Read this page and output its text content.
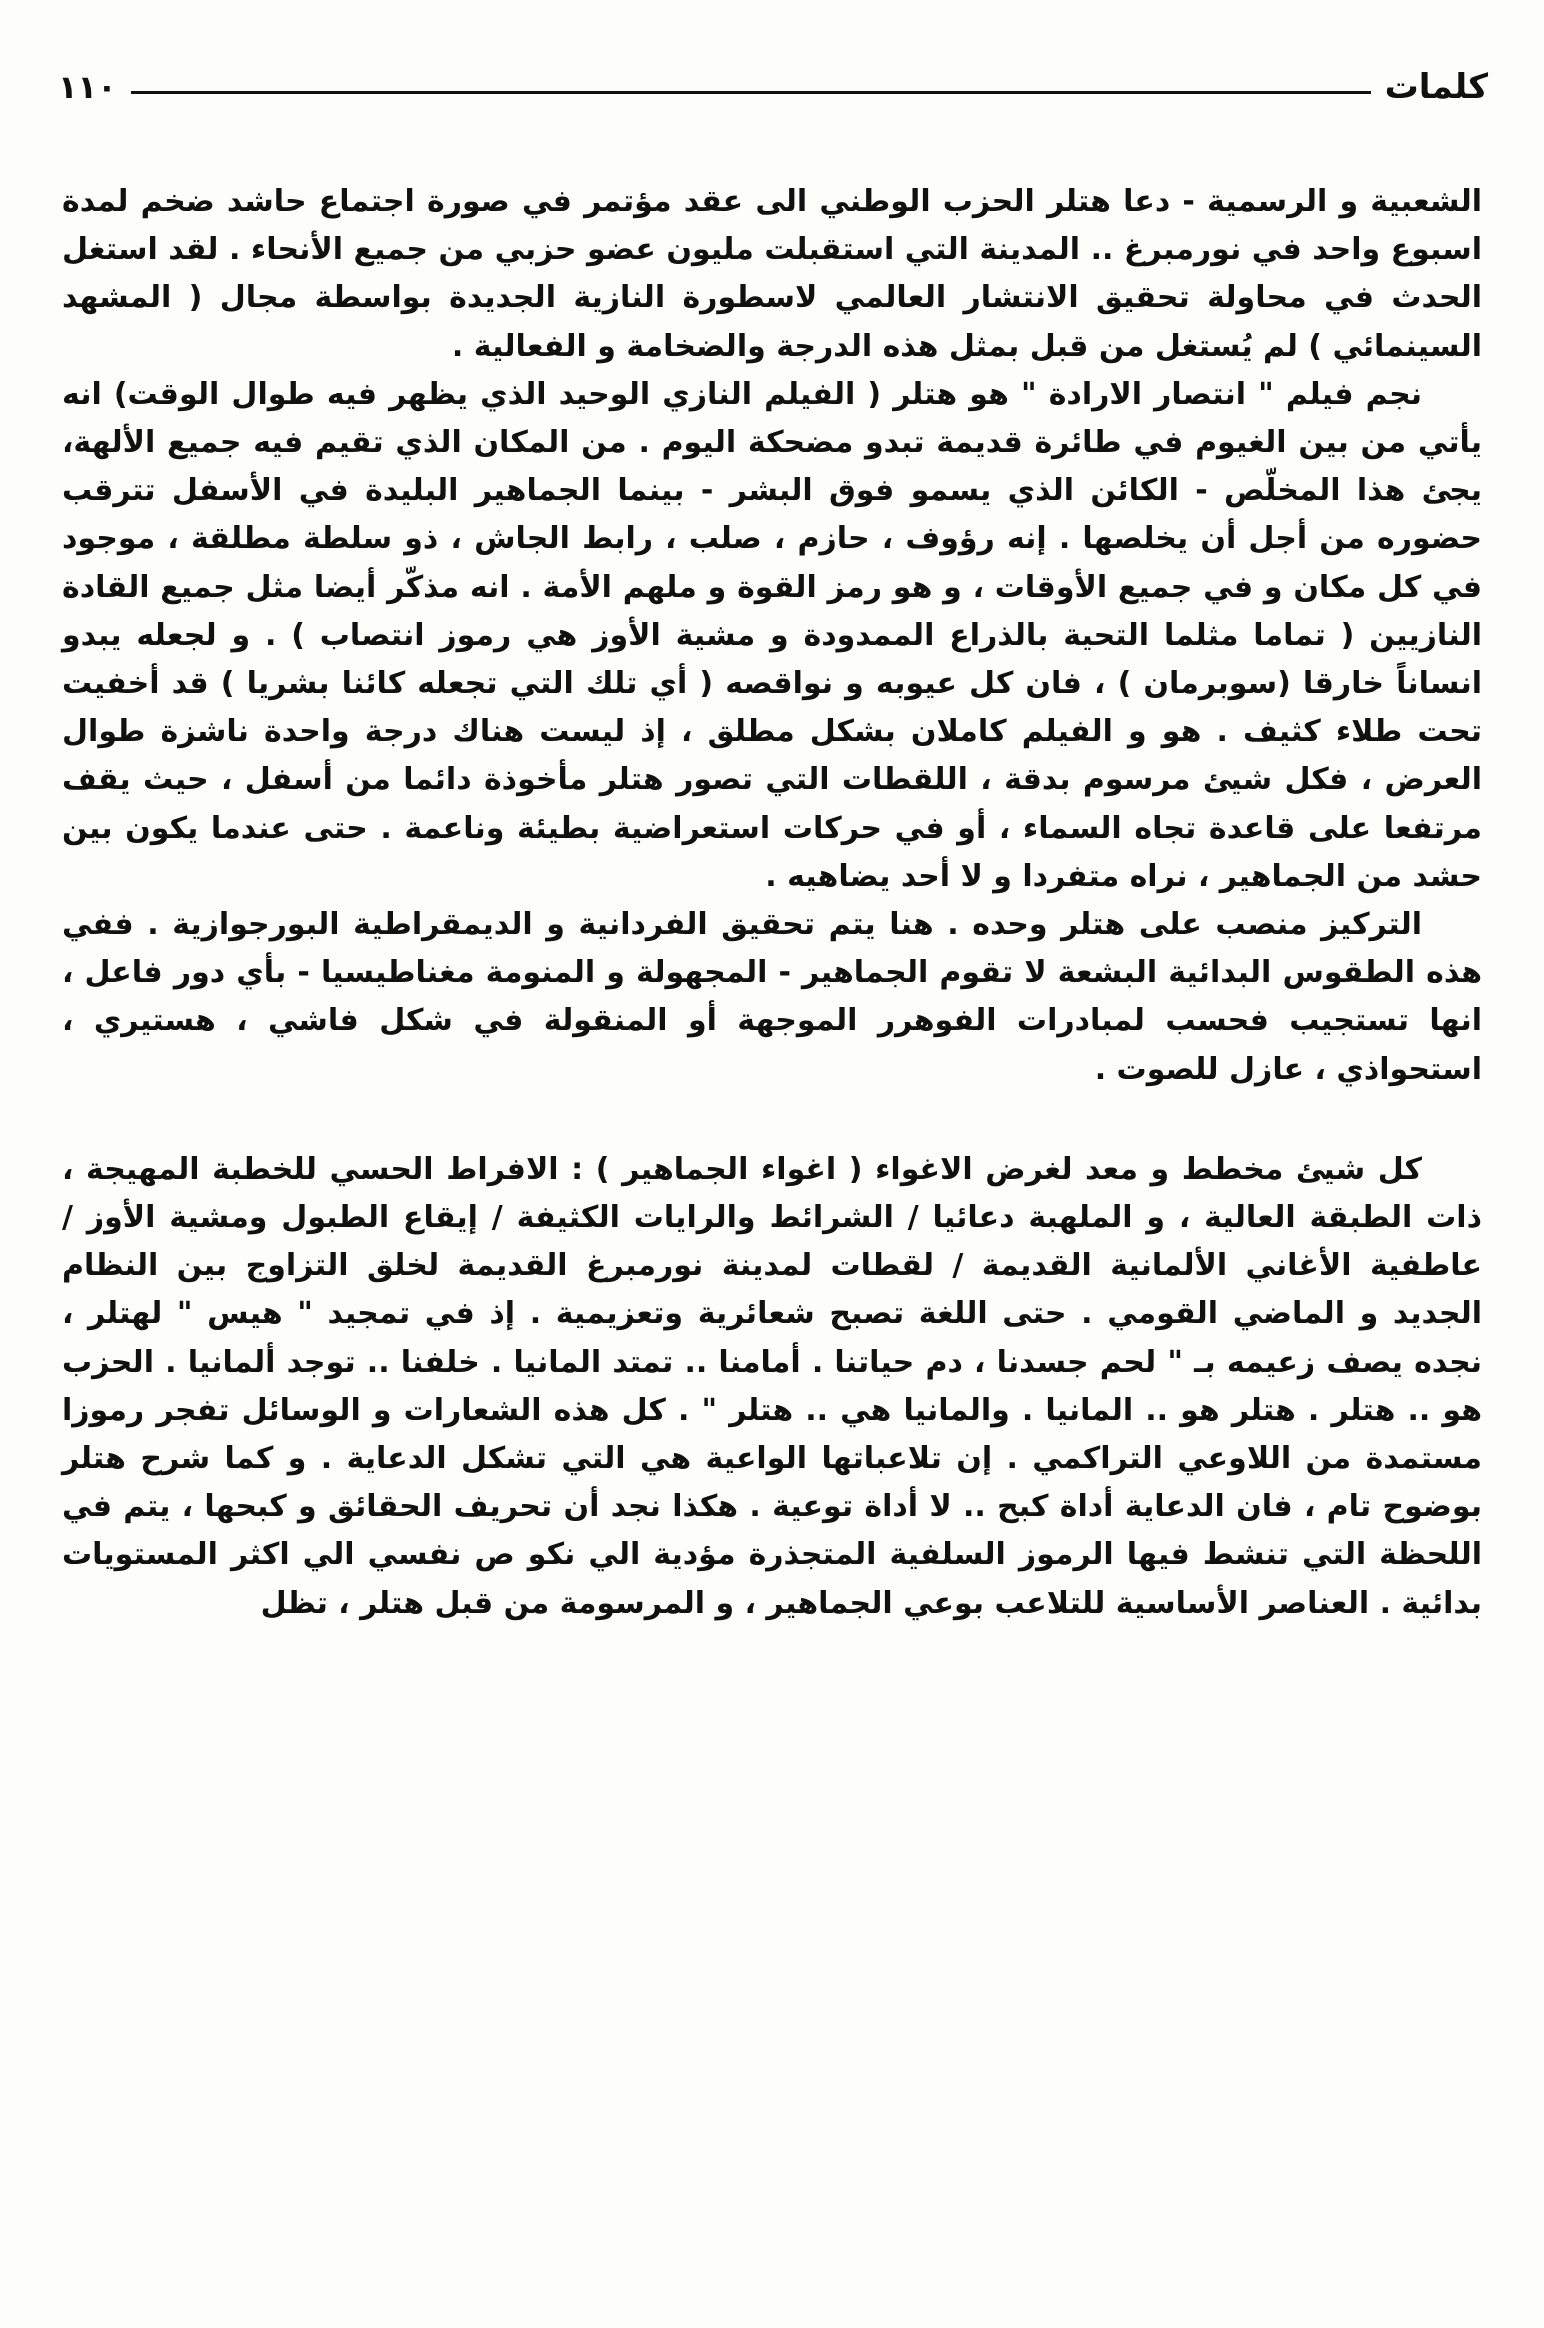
كلمات
١١٠

الشعبية و الرسمية - دعا هتلر الحزب الوطني الى عقد مؤتمر في صورة اجتماع حاشد ضخم لمدة اسبوع واحد في نورمبرغ .. المدينة التي استقبلت مليون عضو حزبي من جميع الأنحاء . لقد استغل الحدث في محاولة تحقيق الانتشار العالمي لاسطورة النازية الجديدة بواسطة مجال ( المشهد السينمائي ) لم يُستغل من قبل بمثل هذه الدرجة والضخامة و الفعالية .

نجم فيلم " انتصار الارادة " هو هتلر ( الفيلم النازي الوحيد الذي يظهر فيه طوال الوقت) انه يأتي من بين الغيوم في طائرة قديمة تبدو مضحكة اليوم . من المكان الذي تقيم فيه جميع الألهة، يجئ هذا المخلّص - الكائن الذي يسمو فوق البشر - بينما الجماهير البليدة في الأسفل تترقب حضوره من أجل أن يخلصها . إنه رؤوف ، حازم ، صلب ، رابط الجاش ، ذو سلطة مطلقة ، موجود في كل مكان و في جميع الأوقات ، و هو رمز القوة و ملهم الأمة . انه مذكّر أيضا مثل جميع القادة النازيين ( تماما مثلما التحية بالذراع الممدودة و مشية الأوز هي رموز انتصاب ) . و لجعله يبدو انساناً خارقا (سوبرمان ) ، فان كل عيوبه و نواقصه ( أي تلك التي تجعله كائنا بشريا ) قد أخفيت تحت طلاء كثيف . هو و الفيلم كاملان بشكل مطلق ، إذ ليست هناك درجة واحدة ناشزة طوال العرض ، فكل شيئ مرسوم بدقة ، اللقطات التي تصور هتلر مأخوذة دائما من أسفل ، حيث يقف مرتفعا على قاعدة تجاه السماء ، أو في حركات استعراضية بطيئة وناعمة . حتى عندما يكون بين حشد من الجماهير ، نراه متفردا و لا أحد يضاهيه .

التركيز منصب على هتلر وحده . هنا يتم تحقيق الفردانية و الديمقراطية البورجوازية . ففي هذه الطقوس البدائية البشعة لا تقوم الجماهير - المجهولة و المنومة مغناطيسيا - بأي دور فاعل ، انها تستجيب فحسب لمبادرات الفوهرر الموجهة أو المنقولة في شكل فاشي ، هستيري ، استحواذي ، عازل للصوت .

كل شيئ مخطط و معد لغرض الاغواء ( اغواء الجماهير ) : الافراط الحسي للخطبة المهيجة ، ذات الطبقة العالية ، و الملهبة دعائيا / الشرائط والرايات الكثيفة / إيقاع الطبول ومشية الأوز / عاطفية الأغاني الألمانية القديمة / لقطات لمدينة نورمبرغ القديمة لخلق التزاوج بين النظام الجديد و الماضي القومي . حتى اللغة تصبح شعائرية وتعزيمية . إذ في تمجيد " هيس " لهتلر ، نجده يصف زعيمه بـ " لحم جسدنا ، دم حياتنا . أمامنا .. تمتد المانيا . خلفنا .. توجد ألمانيا . الحزب هو .. هتلر . هتلر هو .. المانيا . والمانيا هي .. هتلر " . كل هذه الشعارات و الوسائل تفجر رموزا مستمدة من اللاوعي التراكمي . إن تلاعباتها الواعية هي التي تشكل الدعاية . و كما شرح هتلر بوضوح تام ، فان الدعاية أداة كبح .. لا أداة توعية . هكذا نجد أن تحريف الحقائق و كبحها ، يتم في اللحظة التي تنشط فيها الرموز السلفية المتجذرة مؤدية الي نكو ص نفسي الي اكثر المستويات بدائية . العناصر الأساسية للتلاعب بوعي الجماهير ، و المرسومة من قبل هتلر ، تظل
